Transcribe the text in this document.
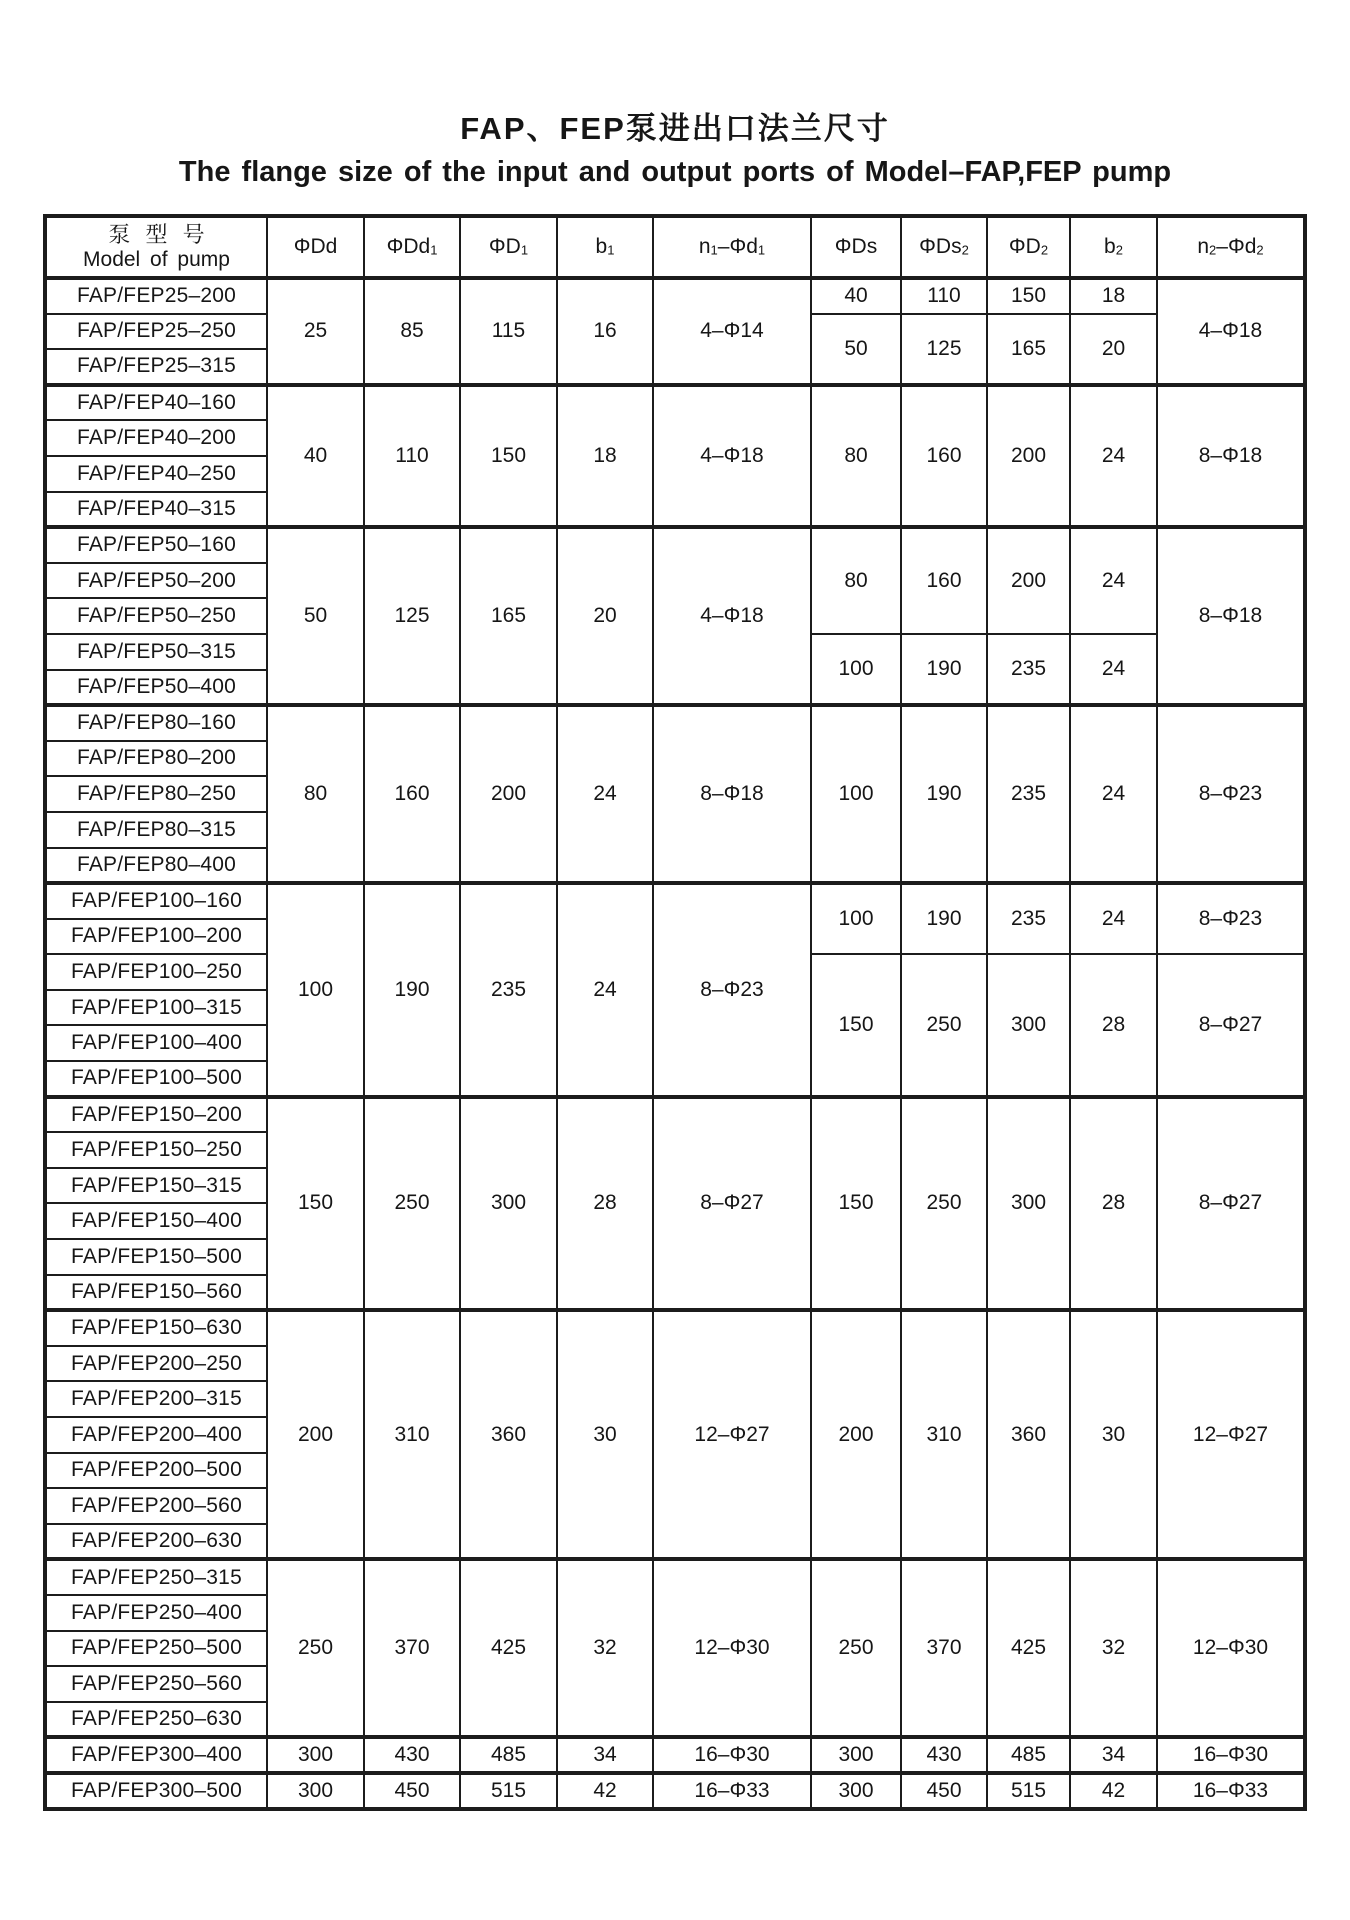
FAP、FEP泵进出口法兰尺寸
The flange size of the input and output ports of Model–FAP,FEP pump
泵 型 号
Model of pump	ΦDd	ΦDd$_1$	$\Phi D_1$	$b_1$	$n_1-\Phi d_1$	ΦDs	ΦDs$_2$	$\Phi D_2$	$b_2$	$n_2-\Phi d_2$
FAP/FEP25–200	25	85	115	16	4–Φ14	40	110	150	18	4–Φ18
FAP/FEP25–250						50	125	165	20	
FAP/FEP25–315										
FAP/FEP40–160	40	110	150	18	4–Φ18	80	160	200	24	8–Φ18
FAP/FEP40–200										
FAP/FEP40–250										
FAP/FEP40–315										
FAP/FEP50–160	50	125	165	20	4–Φ18	80	160	200	24	8–Φ18
FAP/FEP50–200										
FAP/FEP50–250										
FAP/FEP50–315						100	190	235	24	
FAP/FEP50–400										
FAP/FEP80–160	80	160	200	24	8–Φ18	100	190	235	24	8–Φ23
FAP/FEP80–200										
FAP/FEP80–250										
FAP/FEP80–315										
FAP/FEP80–400										
FAP/FEP100–160	100	190	235	24	8–Φ23	100	190	235	24	8–Φ23
FAP/FEP100–200										
FAP/FEP100–250						150	250	300	28	8–Φ27
FAP/FEP100–315										
FAP/FEP100–400										
FAP/FEP100–500										
FAP/FEP150–200	150	250	300	28	8–Φ27	150	250	300	28	8–Φ27
FAP/FEP150–250										
FAP/FEP150–315										
FAP/FEP150–400										
FAP/FEP150–500										
FAP/FEP150–560										
FAP/FEP150–630	200	310	360	30	12–Φ27	200	310	360	30	12–Φ27
FAP/FEP200–250										
FAP/FEP200–315										
FAP/FEP200–400										
FAP/FEP200–500										
FAP/FEP200–560										
FAP/FEP200–630										
FAP/FEP250–315	250	370	425	32	12–Φ30	250	370	425	32	12–Φ30
FAP/FEP250–400										
FAP/FEP250–500										
FAP/FEP250–560										
FAP/FEP250–630										
FAP/FEP300–400	300	430	485	34	16–Φ30	300	430	485	34	16–Φ30
FAP/FEP300–500	300	450	515	42	16–Φ33	300	450	515	42	16–Φ33
